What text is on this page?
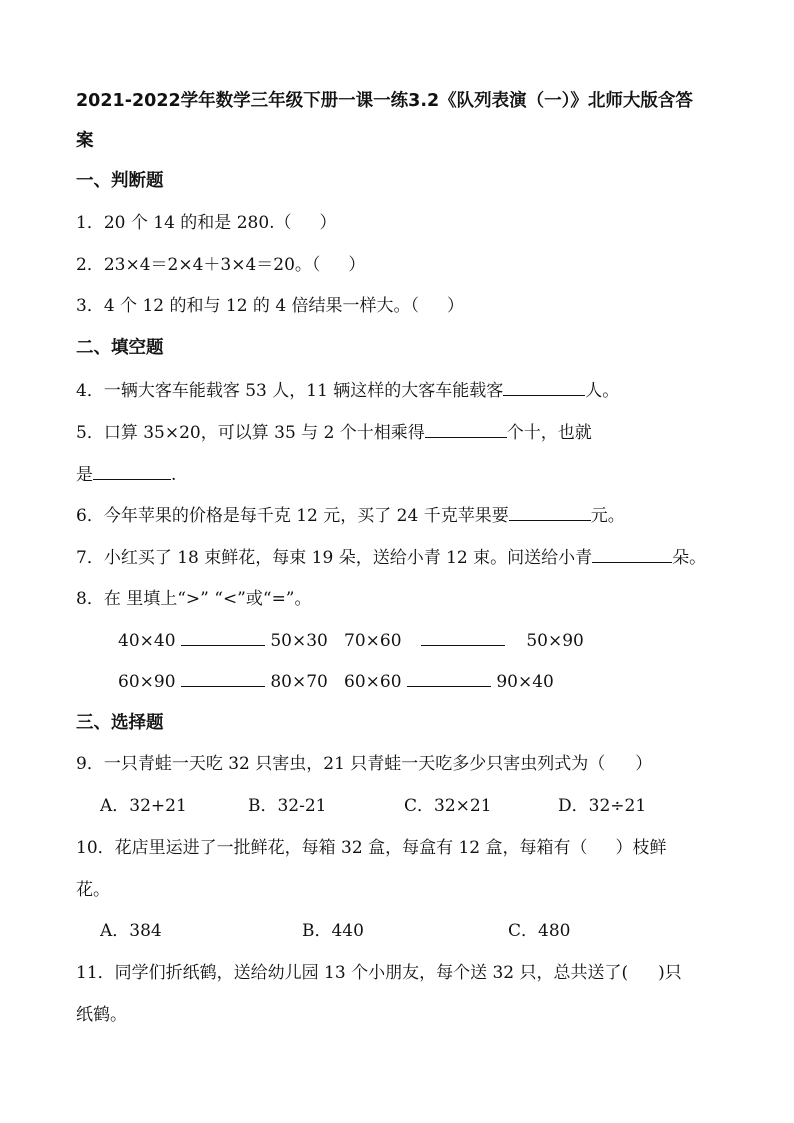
2021-2022学年数学三年级下册一课一练3.2《队列表演（一）》北师大版含答
案
一、判断题
1．20 个 14 的和是 280.（ ）
2．23×4＝2×4＋3×4＝20。（ ）
3．4 个 12 的和与 12 的 4 倍结果一样大。（ ）
二、填空题
4．一辆大客车能载客 53 人，11 辆这样的大客车能载客	人。
5．口算 35×20，可以算 35 与 2 个十相乘得	个十，也就
是	.
6．今年苹果的价格是每千克 12 元，买了 24 千克苹果要	元。
7．小红买了 18 束鲜花，每束 19 朵，送给小青 12 束。问送给小青	朵。
8．在 里填上“>” “<”或“=”。
40×40	50×30 70×60	50×90
60×90	80×70 60×60	90×40
三、选择题
9．一只青蛙一天吃 32 只害虫，21 只青蛙一天吃多少只害虫列式为（ ）
A．32+21	B．32-21	C．32×21	D．32÷21
10．花店里运进了一批鲜花，每箱 32 盒，每盒有 12 盒，每箱有（ ）枝鲜
花。
A．384	B．440	C．480
11．同学们折纸鹤，送给幼儿园 13 个小朋友，每个送 32 只，总共送了( )只
纸鹤。
